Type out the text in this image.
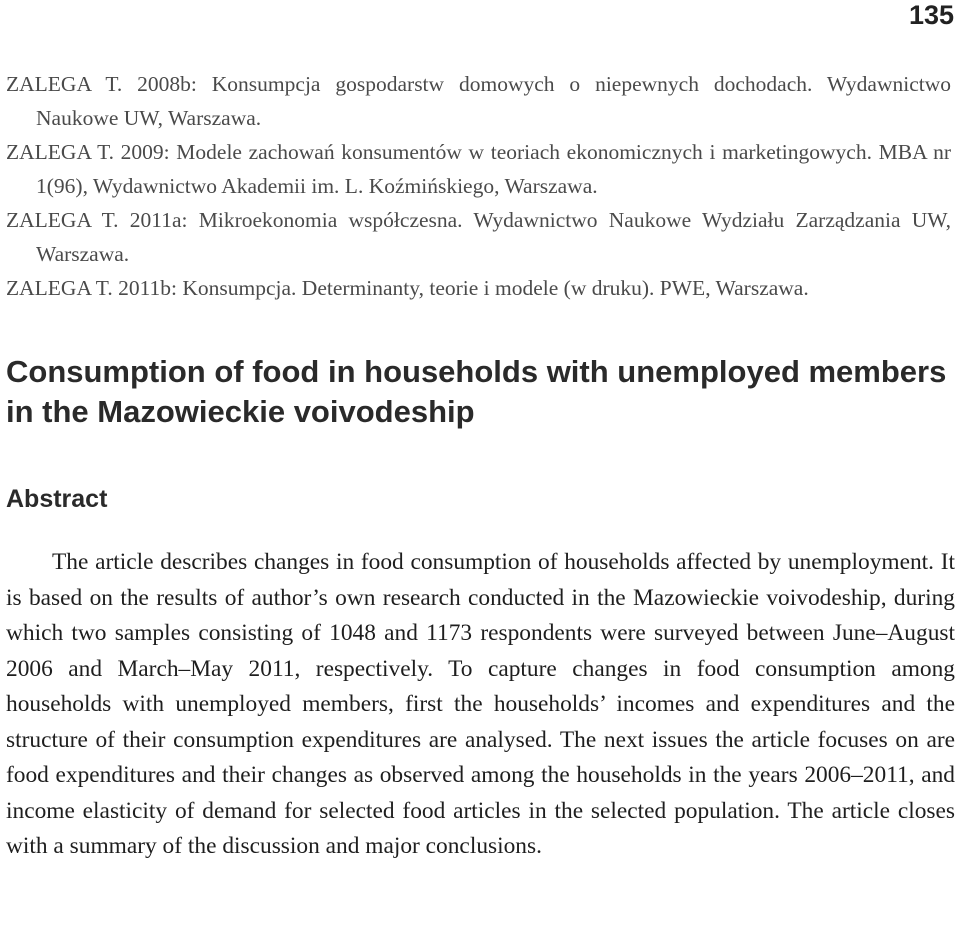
135

ZALEGA T. 2008b: Konsumpcja gospodarstw domowych o niepewnych dochodach. Wydawnictwo Naukowe UW, Warszawa.

ZALEGA T. 2009: Modele zachowań konsumentów w teoriach ekonomicznych i marketingowych. MBA nr 1(96), Wydawnictwo Akademii im. L. Koźmińskiego, Warszawa.

ZALEGA T. 2011a: Mikroekonomia współczesna. Wydawnictwo Naukowe Wydziału Zarządzania UW, Warszawa.

ZALEGA T. 2011b: Konsumpcja. Determinanty, teorie i modele (w druku). PWE, Warszawa.

Consumption of food in households with unemployed members in the Mazowieckie voivodeship
Abstract

The article describes changes in food consumption of households affected by unemployment. It is based on the results of author’s own research conducted in the Mazowieckie voivodeship, during which two samples consisting of 1048 and 1173 respondents were surveyed between June–August 2006 and March–May 2011, respectively. To capture changes in food consumption among households with unemployed members, first the households’ incomes and expenditures and the structure of their consumption expenditures are analysed. The next issues the article focuses on are food expenditures and their changes as observed among the households in the years 2006–2011, and income elasticity of demand for selected food articles in the selected population. The article closes with a summary of the discussion and major conclusions.
